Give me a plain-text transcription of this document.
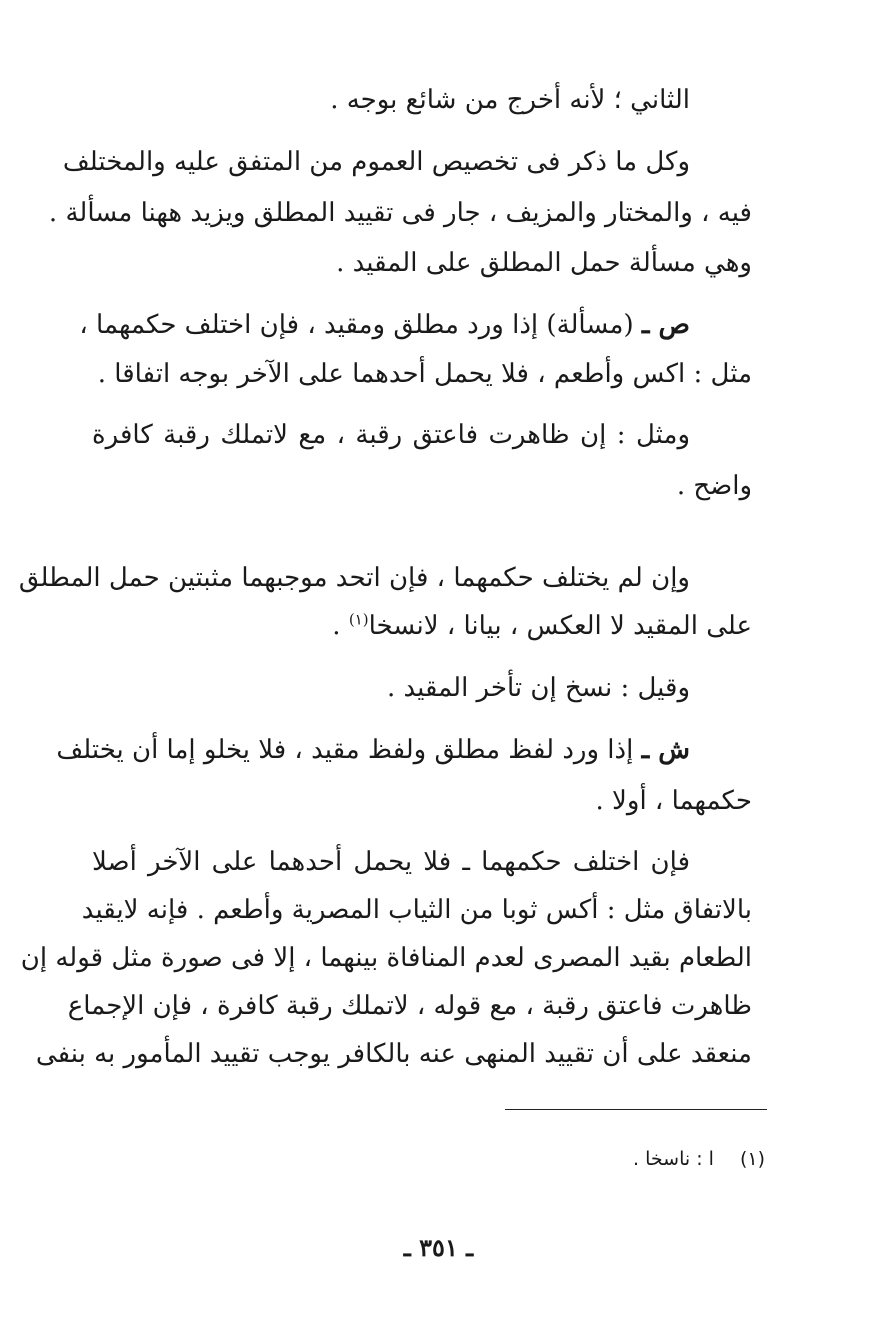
الثاني ؛ لأنه أخرج من شائع بوجه .
وكل ما ذكر فى تخصيص العموم من المتفق عليه والمختلف
فيه ، والمختار والمزيف ، جار فى تقييد المطلق ويزيد ههنا مسألة .
وهي مسألة حمل المطلق على المقيد .
ص ـ (مسألة) إذا ورد مطلق ومقيد ، فإن اختلف حكمهما ،
مثل : اكس وأطعم ، فلا يحمل أحدهما على الآخر بوجه اتفاقا .
ومثل : إن ظاهرت فاعتق رقبة ، مع لاتملك رقبة كافرة
واضح .
وإن لم يختلف حكمهما ، فإن اتحد موجبهما مثبتين حمل المطلق
على المقيد لا العكس ، بيانا ، لانسخا$^{(١)}$ .
وقيل : نسخ إن تأخر المقيد .
ش ـ إذا ورد لفظ مطلق ولفظ مقيد ، فلا يخلو إما أن يختلف
حكمهما ، أولا .
فإن اختلف حكمهما ـ فلا يحمل أحدهما على الآخر أصلا
بالاتفاق مثل : أكس ثوبا من الثياب المصرية وأطعم . فإنه لايقيد
الطعام بقيد المصرى لعدم المنافاة بينهما ، إلا فى صورة مثل قوله إن
ظاهرت فاعتق رقبة ، مع قوله ، لاتملك رقبة كافرة ، فإن الإجماع
منعقد على أن تقييد المنهى عنه بالكافر يوجب تقييد المأمور به بنفى
(١)ا : ناسخا .
ـ ٣٥١ ـ
